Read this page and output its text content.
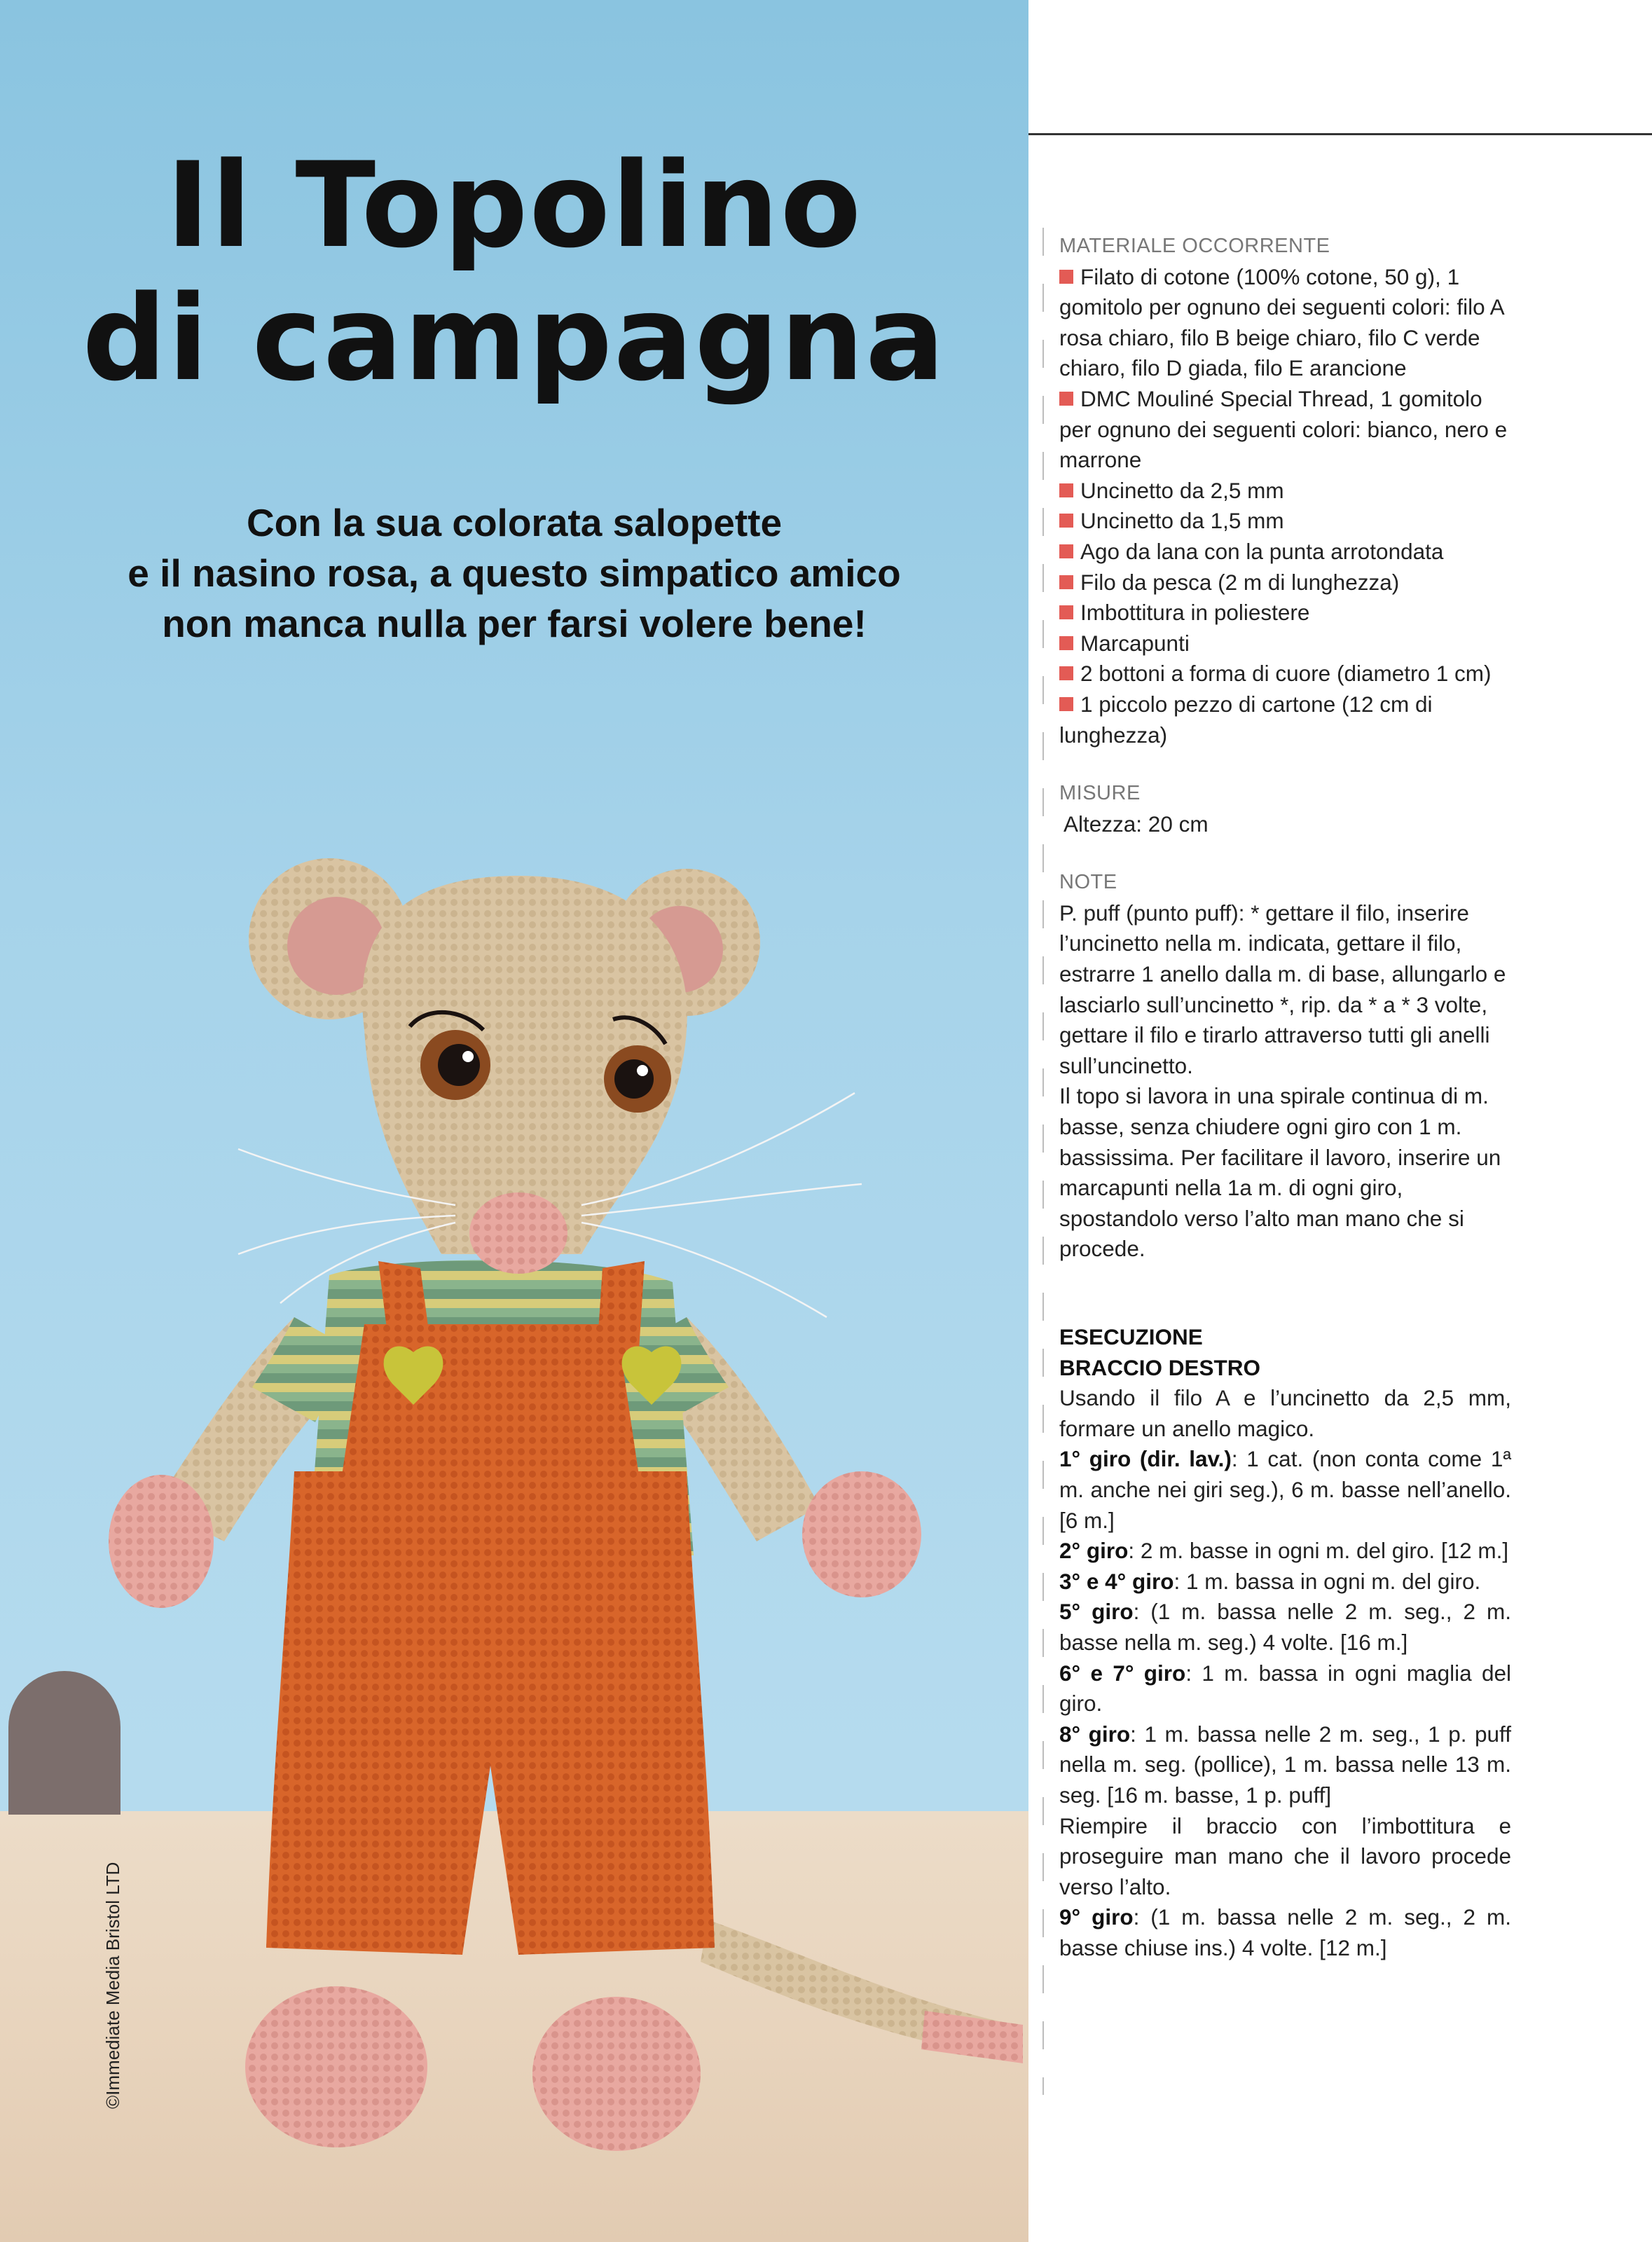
Il Topolino
di campagna
Con la sua colorata salopette
e il nasino rosa, a questo simpatico amico
non manca nulla per farsi volere bene!
©Immediate Media Bristol LTD
MATERIALE OCCORRENTE
Filato di cotone (100% cotone, 50 g), 1 gomitolo per ognuno dei seguenti colori: filo A rosa chiaro, filo B beige chiaro, filo C verde chiaro, filo D giada, filo E arancione
DMC Mouliné Special Thread, 1 gomitolo per ognuno dei seguenti colori: bianco, nero e marrone
Uncinetto da 2,5 mm
Uncinetto da 1,5 mm
Ago da lana con la punta arrotondata
Filo da pesca (2 m di lunghezza)
Imbottitura in poliestere
Marcapunti
2 bottoni a forma di cuore (diametro 1 cm)
1 piccolo pezzo di cartone (12 cm di lunghezza)
MISURE
Altezza: 20 cm
NOTE
P. puff (punto puff): * gettare il filo, inserire l’uncinetto nella m. indicata, gettare il filo, estrarre 1 anello dalla m. di base, allungarlo e lasciarlo sull’uncinetto *, rip. da * a * 3 volte, gettare il filo e tirarlo attraverso tutti gli anelli sull’uncinetto.
Il topo si lavora in una spirale continua di m. basse, senza chiudere ogni giro con 1 m. bassissima. Per facilitare il lavoro, inserire un marcapunti nella 1a m. di ogni giro, spostandolo verso l’alto man mano che si procede.
ESECUZIONE
BRACCIO DESTRO
Usando il filo A e l’uncinetto da 2,5 mm, formare un anello magico.
1° giro (dir. lav.): 1 cat. (non conta come 1ª m. anche nei giri seg.), 6 m. basse nell’anello. [6 m.]
2° giro: 2 m. basse in ogni m. del giro. [12 m.]
3° e 4° giro: 1 m. bassa in ogni m. del giro.
5° giro: (1 m. bassa nelle 2 m. seg., 2 m. basse nella m. seg.) 4 volte. [16 m.]
6° e 7° giro: 1 m. bassa in ogni maglia del giro.
8° giro: 1 m. bassa nelle 2 m. seg., 1 p. puff nella m. seg. (pollice), 1 m. bassa nelle 13 m. seg. [16 m. basse, 1 p. puff]
Riempire il braccio con l’imbottitura e proseguire man mano che il lavoro procede verso l’alto.
9° giro: (1 m. bassa nelle 2 m. seg., 2 m. basse chiuse ins.) 4 volte. [12 m.]
